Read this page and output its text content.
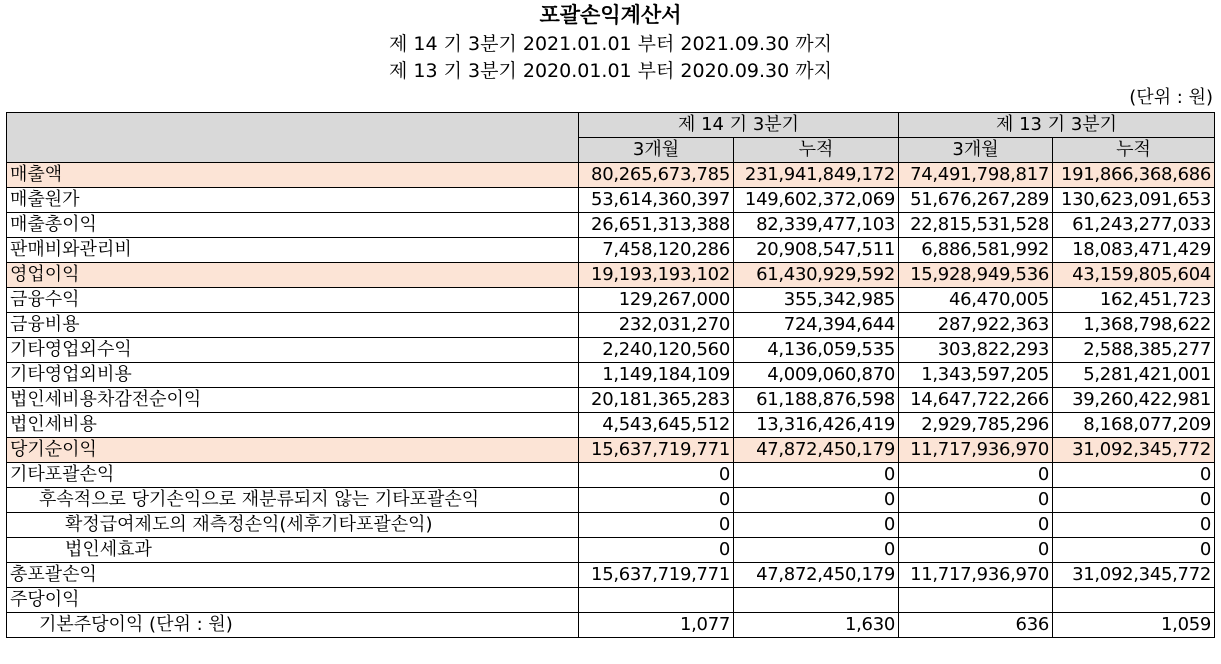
포괄손익계산서
제 14 기 3분기 2021.01.01 부터 2021.09.30 까지
제 13 기 3분기 2020.01.01 부터 2020.09.30 까지
(단위 : 원)
	제 14 기 3분기		제 13 기 3분기	
	3개월	누적	3개월	누적
매출액	80,265,673,785	231,941,849,172	74,491,798,817	191,866,368,686
매출원가	53,614,360,397	149,602,372,069	51,676,267,289	130,623,091,653
매출총이익	26,651,313,388	82,339,477,103	22,815,531,528	61,243,277,033
판매비와관리비	7,458,120,286	20,908,547,511	6,886,581,992	18,083,471,429
영업이익	19,193,193,102	61,430,929,592	15,928,949,536	43,159,805,604
금융수익	129,267,000	355,342,985	46,470,005	162,451,723
금융비용	232,031,270	724,394,644	287,922,363	1,368,798,622
기타영업외수익	2,240,120,560	4,136,059,535	303,822,293	2,588,385,277
기타영업외비용	1,149,184,109	4,009,060,870	1,343,597,205	5,281,421,001
법인세비용차감전순이익	20,181,365,283	61,188,876,598	14,647,722,266	39,260,422,981
법인세비용	4,543,645,512	13,316,426,419	2,929,785,296	8,168,077,209
당기순이익	15,637,719,771	47,872,450,179	11,717,936,970	31,092,345,772
기타포괄손익	0	0	0	0
후속적으로 당기손익으로 재분류되지 않는 기타포괄손익	0	0	0	0
확정급여제도의 재측정손익(세후기타포괄손익)	0	0	0	0
법인세효과	0	0	0	0
총포괄손익	15,637,719,771	47,872,450,179	11,717,936,970	31,092,345,772
주당이익				
기본주당이익 (단위 : 원)	1,077	1,630	636	1,059
